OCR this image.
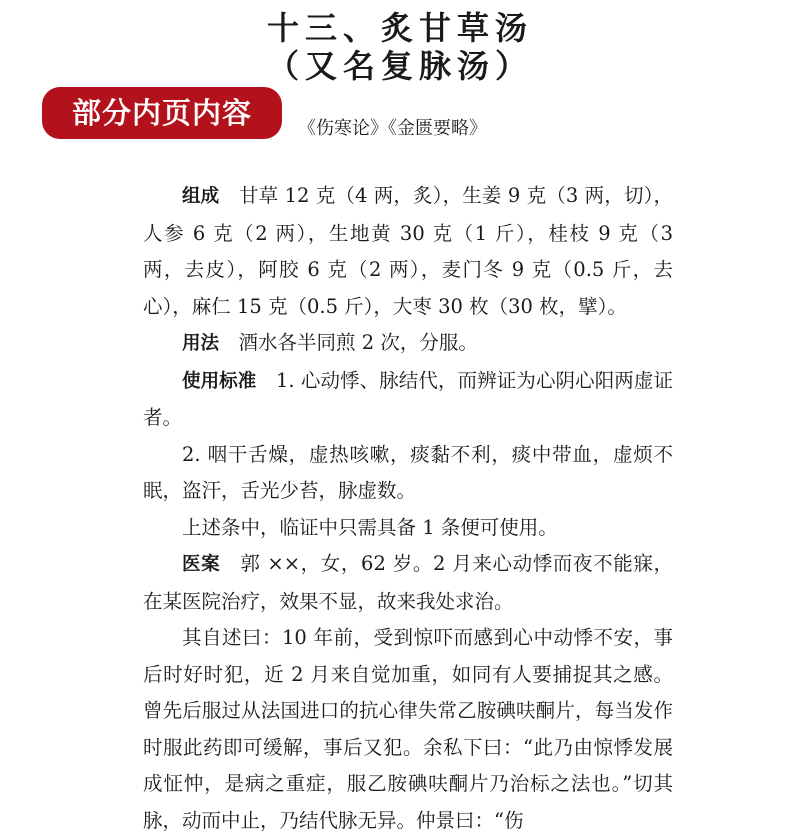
十三、炙甘草汤
（又名复脉汤）
部分内页内容	《伤寒论》《金匮要略》

组成　 甘草 12 克（4 两，炙），生姜 9 克（3 两，切），人参 6 克（2 两），生地黄 30 克（1 斤），桂枝 9 克（3 两，去皮），阿胶 6 克（2 两），麦门冬 9 克（0.5 斤，去心），麻仁 15 克（0.5 斤），大枣 30 枚（30 枚，擘）。

用法　 酒水各半同煎 2 次，分服。

使用标准　 1. 心动悸、脉结代，而辨证为心阴心阳两虚证者。

2. 咽干舌燥，虚热咳嗽，痰黏不利，痰中带血，虚烦不眠，盗汗，舌光少苔，脉虚数。

上述条中，临证中只需具备 1 条便可使用。

医案　 郭 ××，女，62 岁。2 月来心动悸而夜不能寐，在某医院治疗，效果不显，故来我处求治。

其自述曰：10 年前，受到惊吓而感到心中动悸不安，事后时好时犯，近 2 月来自觉加重，如同有人要捕捉其之感。曾先后服过从法国进口的抗心律失常乙胺碘呋酮片，每当发作时服此药即可缓解，事后又犯。余私下曰：“此乃由惊悸发展成怔忡，是病之重症，服乙胺碘呋酮片乃治标之法也。”切其脉，动而中止，乃结代脉无异。仲景曰：“伤
